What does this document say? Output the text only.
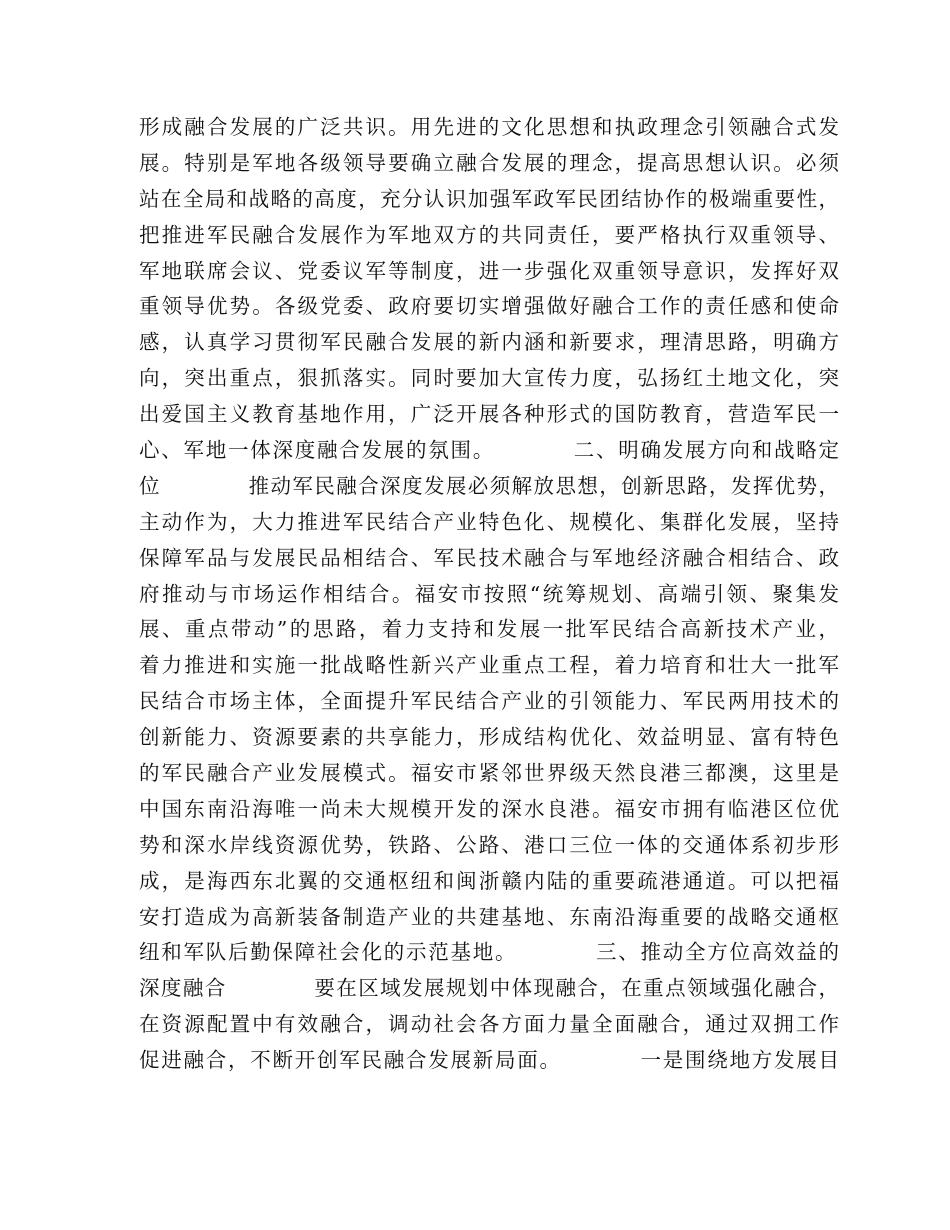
形成融合发展的广泛共识。用先进的文化思想和执政理念引领融合式发
展。特别是军地各级领导要确立融合发展的理念，提高思想认识。必须
站在全局和战略的高度，充分认识加强军政军民团结协作的极端重要性，
把推进军民融合发展作为军地双方的共同责任，要严格执行双重领导、
军地联席会议、党委议军等制度，进一步强化双重领导意识，发挥好双
重领导优势。各级党委、政府要切实增强做好融合工作的责任感和使命
感，认真学习贯彻军民融合发展的新内涵和新要求，理清思路，明确方
向，突出重点，狠抓落实。同时要加大宣传力度，弘扬红土地文化，突
出爱国主义教育基地作用，广泛开展各种形式的国防教育，营造军民一
心、军地一体深度融合发展的氛围。　　　　二、明确发展方向和战略定
位　　　　推动军民融合深度发展必须解放思想，创新思路，发挥优势，
主动作为，大力推进军民结合产业特色化、规模化、集群化发展，坚持
保障军品与发展民品相结合、军民技术融合与军地经济融合相结合、政
府推动与市场运作相结合。福安市按照“统筹规划、高端引领、聚集发
展、重点带动”的思路，着力支持和发展一批军民结合高新技术产业，
着力推进和实施一批战略性新兴产业重点工程，着力培育和壮大一批军
民结合市场主体，全面提升军民结合产业的引领能力、军民两用技术的
创新能力、资源要素的共享能力，形成结构优化、效益明显、富有特色
的军民融合产业发展模式。福安市紧邻世界级天然良港三都澳，这里是
中国东南沿海唯一尚未大规模开发的深水良港。福安市拥有临港区位优
势和深水岸线资源优势，铁路、公路、港口三位一体的交通体系初步形
成，是海西东北翼的交通枢纽和闽浙赣内陆的重要疏港通道。可以把福
安打造成为高新装备制造产业的共建基地、东南沿海重要的战略交通枢
纽和军队后勤保障社会化的示范基地。　　　　三、推动全方位高效益的
深度融合　　　　要在区域发展规划中体现融合，在重点领域强化融合，
在资源配置中有效融合，调动社会各方面力量全面融合，通过双拥工作
促进融合，不断开创军民融合发展新局面。　　　　一是围绕地方发展目
